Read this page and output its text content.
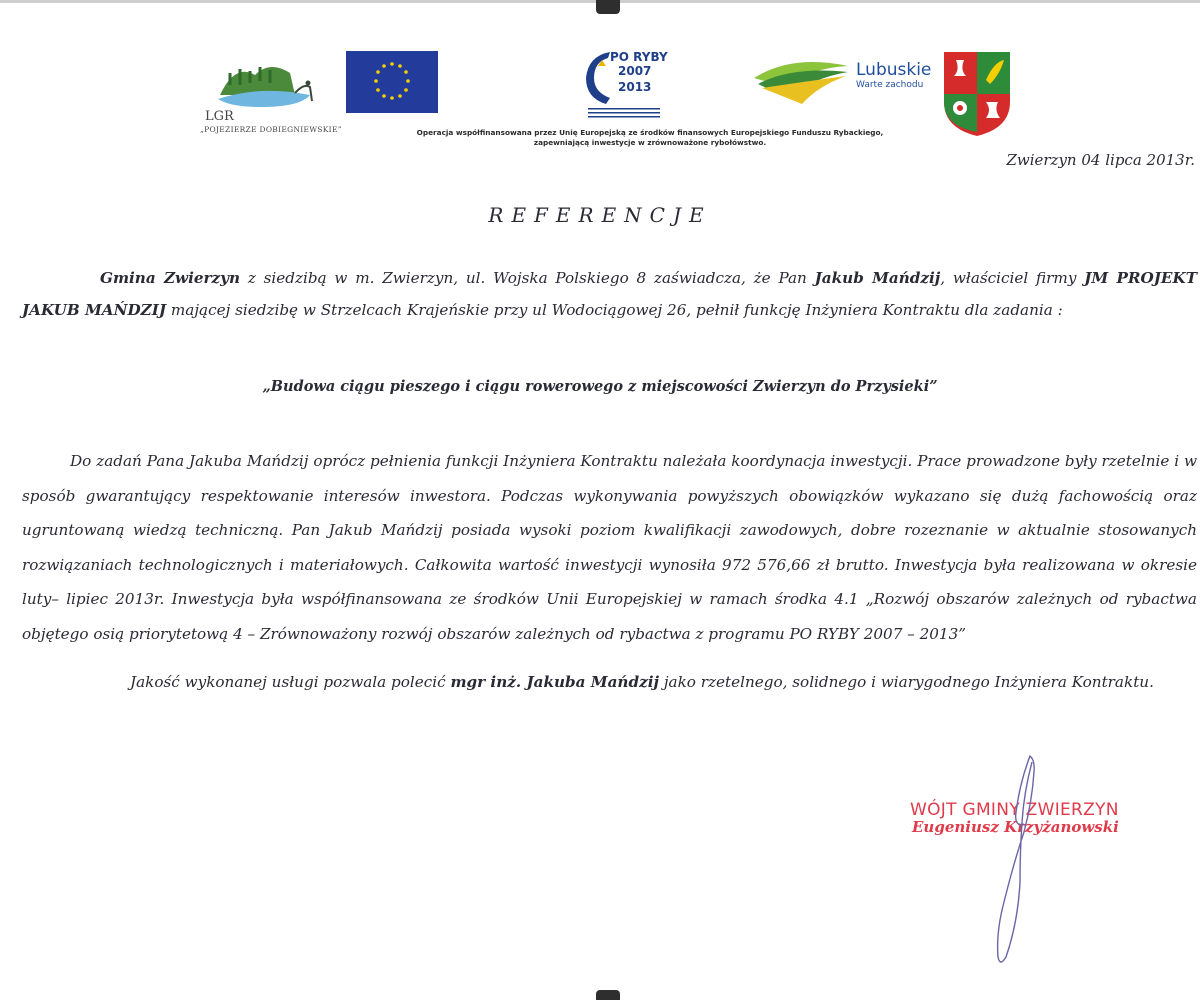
LGR
„POJEZIERZE DOBIEGNIEWSKIE”
PO RYBY
2007
2013
Lubuskie
Warte zachodu
Operacja współfinansowana przez Unię Europejską ze środków finansowych Europejskiego Funduszu Rybackiego,
zapewniającą inwestycje w zrównoważone rybołówstwo.
Zwierzyn 04 lipca 2013r.
REFERENCJE
Gmina Zwierzyn z siedzibą w m. Zwierzyn, ul. Wojska Polskiego 8 zaświadcza, że Pan Jakub Mańdzij, właściciel firmy JM PROJEKT JAKUB MAŃDZIJ mającej siedzibę w Strzelcach Krajeńskie przy ul Wodociągowej 26, pełnił funkcję Inżyniera Kontraktu dla zadania :
„Budowa ciągu pieszego i ciągu rowerowego z miejscowości Zwierzyn do Przysieki”
Do zadań Pana Jakuba Mańdzij oprócz pełnienia funkcji Inżyniera Kontraktu należała koordynacja inwestycji. Prace prowadzone były rzetelnie i w sposób gwarantujący respektowanie interesów inwestora. Podczas wykonywania powyższych obowiązków wykazano się dużą fachowością oraz ugruntowaną wiedzą techniczną. Pan Jakub Mańdzij posiada wysoki poziom kwalifikacji zawodowych, dobre rozeznanie w aktualnie stosowanych rozwiązaniach technologicznych i materiałowych. Całkowita wartość inwestycji wynosiła 972 576,66 zł brutto. Inwestycja była realizowana w okresie luty– lipiec 2013r. Inwestycja była współfinansowana ze środków Unii Europejskiej w ramach środka 4.1 „Rozwój obszarów zależnych od rybactwa objętego osią priorytetową 4 – Zrównoważony rozwój obszarów zależnych od rybactwa z programu PO RYBY 2007 – 2013”
Jakość wykonanej usługi pozwala polecić mgr inż. Jakuba Mańdzij jako rzetelnego, solidnego i wiarygodnego Inżyniera Kontraktu.
WÓJT GMINY ZWIERZYN
Eugeniusz Krzyżanowski
